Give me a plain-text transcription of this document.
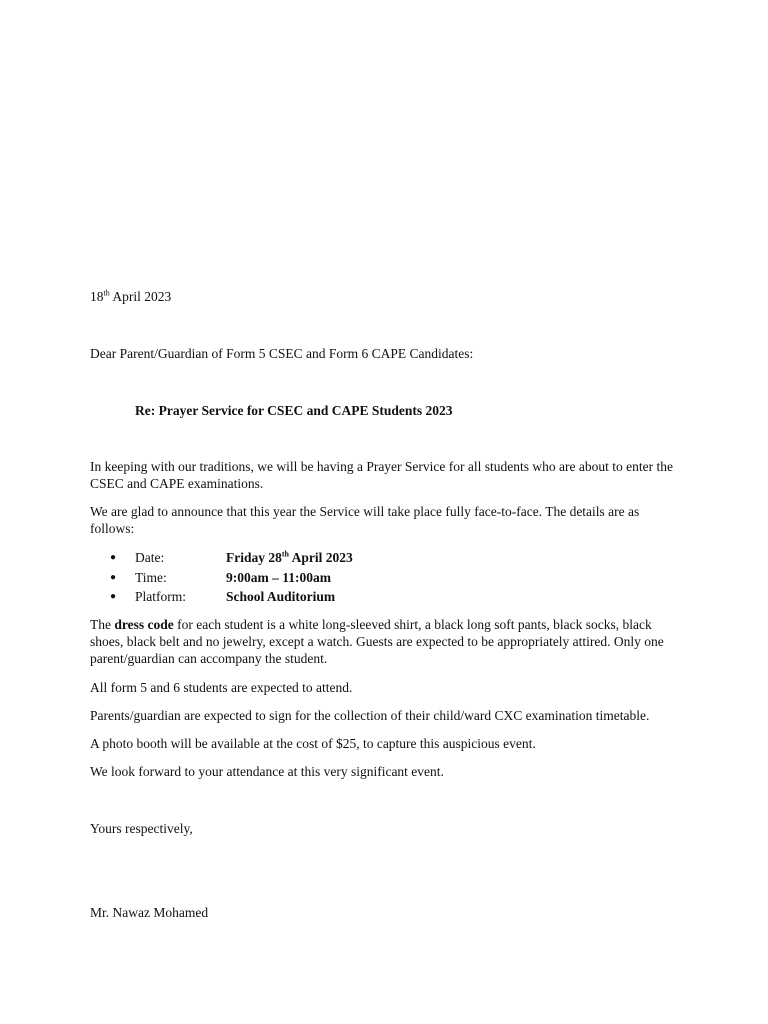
18th April 2023
Dear Parent/Guardian of Form 5 CSEC and Form 6 CAPE Candidates:
Re: Prayer Service for CSEC and CAPE Students 2023
In keeping with our traditions, we will be having a Prayer Service for all students who are about to enter the CSEC and CAPE examinations.
We are glad to announce that this year the Service will take place fully face-to-face. The details are as follows:
● Date:	Friday 28th April 2023
● Time:	9:00am – 11:00am
● Platform:	School Auditorium
The dress code for each student is a white long-sleeved shirt, a black long soft pants, black socks, black shoes, black belt and no jewelry, except a watch. Guests are expected to be appropriately attired. Only one parent/guardian can accompany the student.
All form 5 and 6 students are expected to attend.
Parents/guardian are expected to sign for the collection of their child/ward CXC examination timetable.
A photo booth will be available at the cost of $25, to capture this auspicious event.
We look forward to your attendance at this very significant event.
Yours respectively,
Mr. Nawaz Mohamed
